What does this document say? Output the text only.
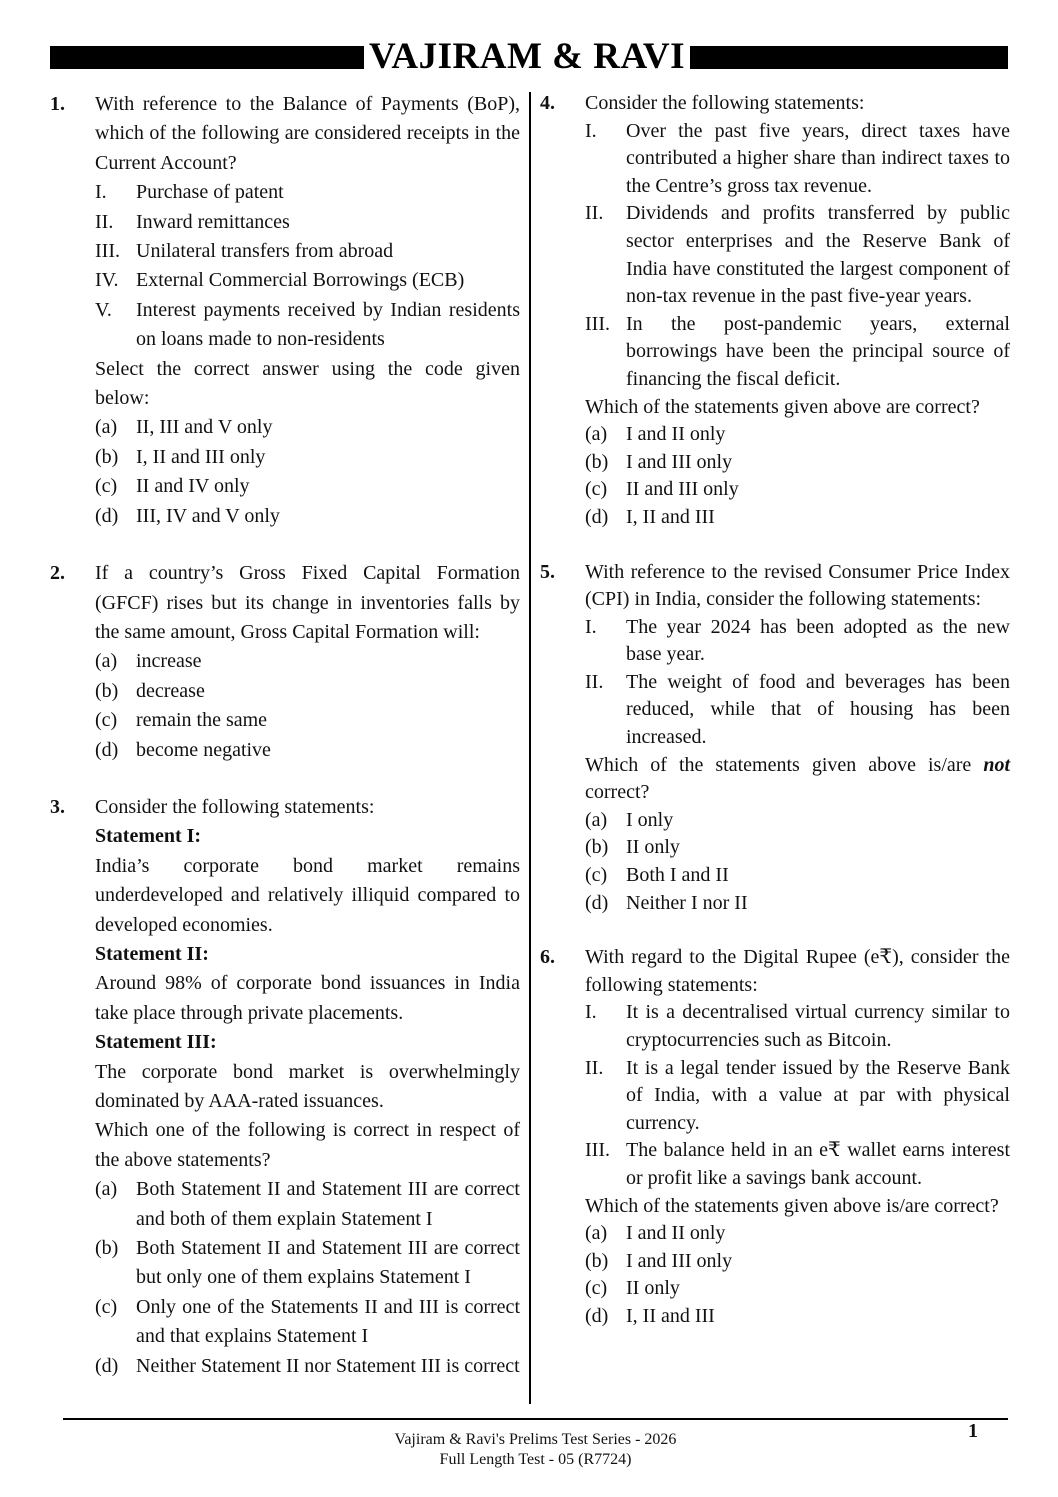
VAJIRAM & RAVI
1. With reference to the Balance of Payments (BoP), which of the following are considered receipts in the Current Account?
I. Purchase of patent
II. Inward remittances
III. Unilateral transfers from abroad
IV. External Commercial Borrowings (ECB)
V. Interest payments received by Indian residents on loans made to non-residents
Select the correct answer using the code given below:
(a) II, III and V only
(b) I, II and III only
(c) II and IV only
(d) III, IV and V only
2. If a country’s Gross Fixed Capital Formation (GFCF) rises but its change in inventories falls by the same amount, Gross Capital Formation will:
(a) increase
(b) decrease
(c) remain the same
(d) become negative
3. Consider the following statements:
Statement I:
India’s corporate bond market remains underdeveloped and relatively illiquid compared to developed economies.
Statement II:
Around 98% of corporate bond issuances in India take place through private placements.
Statement III:
The corporate bond market is overwhelmingly dominated by AAA-rated issuances.
Which one of the following is correct in respect of the above statements?
(a) Both Statement II and Statement III are correct and both of them explain Statement I
(b) Both Statement II and Statement III are correct but only one of them explains Statement I
(c) Only one of the Statements II and III is correct and that explains Statement I
(d) Neither Statement II nor Statement III is correct
4. Consider the following statements:
I. Over the past five years, direct taxes have contributed a higher share than indirect taxes to the Centre’s gross tax revenue.
II. Dividends and profits transferred by public sector enterprises and the Reserve Bank of India have constituted the largest component of non-tax revenue in the past five-year years.
III. In the post-pandemic years, external borrowings have been the principal source of financing the fiscal deficit.
Which of the statements given above are correct?
(a) I and II only
(b) I and III only
(c) II and III only
(d) I, II and III
5. With reference to the revised Consumer Price Index (CPI) in India, consider the following statements:
I. The year 2024 has been adopted as the new base year.
II. The weight of food and beverages has been reduced, while that of housing has been increased.
Which of the statements given above is/are not correct?
(a) I only
(b) II only
(c) Both I and II
(d) Neither I nor II
6. With regard to the Digital Rupee (e₹), consider the following statements:
I. It is a decentralised virtual currency similar to cryptocurrencies such as Bitcoin.
II. It is a legal tender issued by the Reserve Bank of India, with a value at par with physical currency.
III. The balance held in an e₹ wallet earns interest or profit like a savings bank account.
Which of the statements given above is/are correct?
(a) I and II only
(b) I and III only
(c) II only
(d) I, II and III
Vajiram & Ravi's Prelims Test Series - 2026
Full Length Test - 05 (R7724)
1
